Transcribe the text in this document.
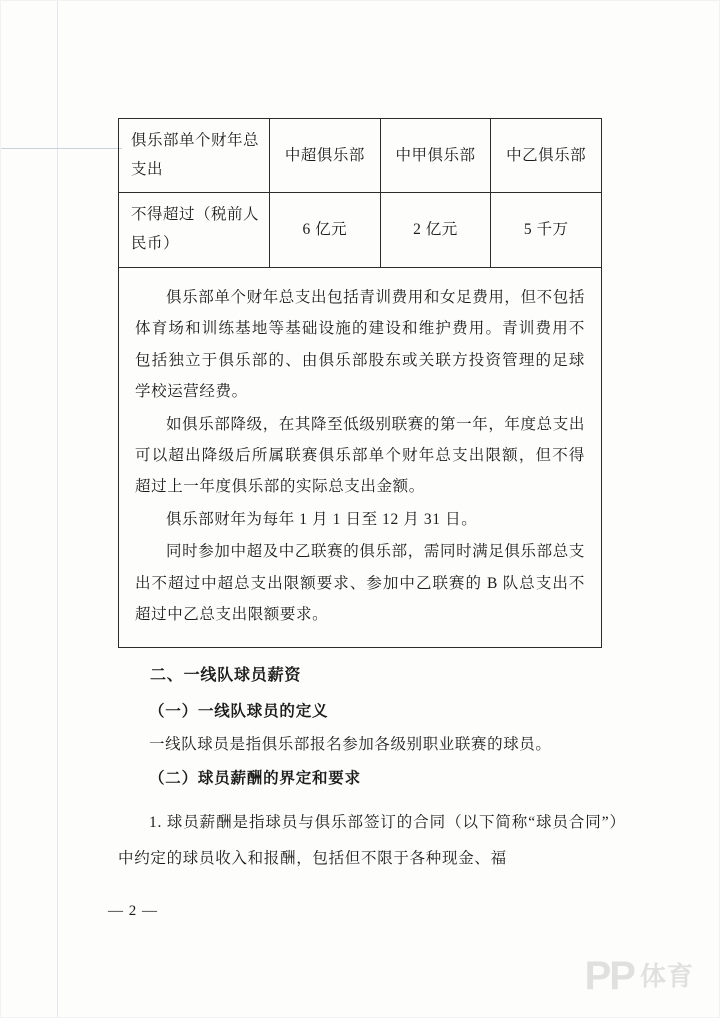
俱乐部单个财年总支出	中超俱乐部	中甲俱乐部	中乙俱乐部
不得超过（税前人民币）	6 亿元	2 亿元	5 千万

俱乐部单个财年总支出包括青训费用和女足费用，但不包括体育场和训练基地等基础设施的建设和维护费用。青训费用不包括独立于俱乐部的、由俱乐部股东或关联方投资管理的足球学校运营经费。

如俱乐部降级，在其降至低级别联赛的第一年，年度总支出可以超出降级后所属联赛俱乐部单个财年总支出限额，但不得超过上一年度俱乐部的实际总支出金额。

俱乐部财年为每年 1 月 1 日至 12 月 31 日。

同时参加中超及中乙联赛的俱乐部，需同时满足俱乐部总支出不超过中超总支出限额要求、参加中乙联赛的 B 队总支出不超过中乙总支出限额要求。

二、一线队球员薪资

（一）一线队球员的定义

一线队球员是指俱乐部报名参加各级别职业联赛的球员。

（二）球员薪酬的界定和要求

1. 球员薪酬是指球员与俱乐部签订的合同（以下简称“球员合同”）中约定的球员收入和报酬，包括但不限于各种现金、福

— 2 —
PP 体育
